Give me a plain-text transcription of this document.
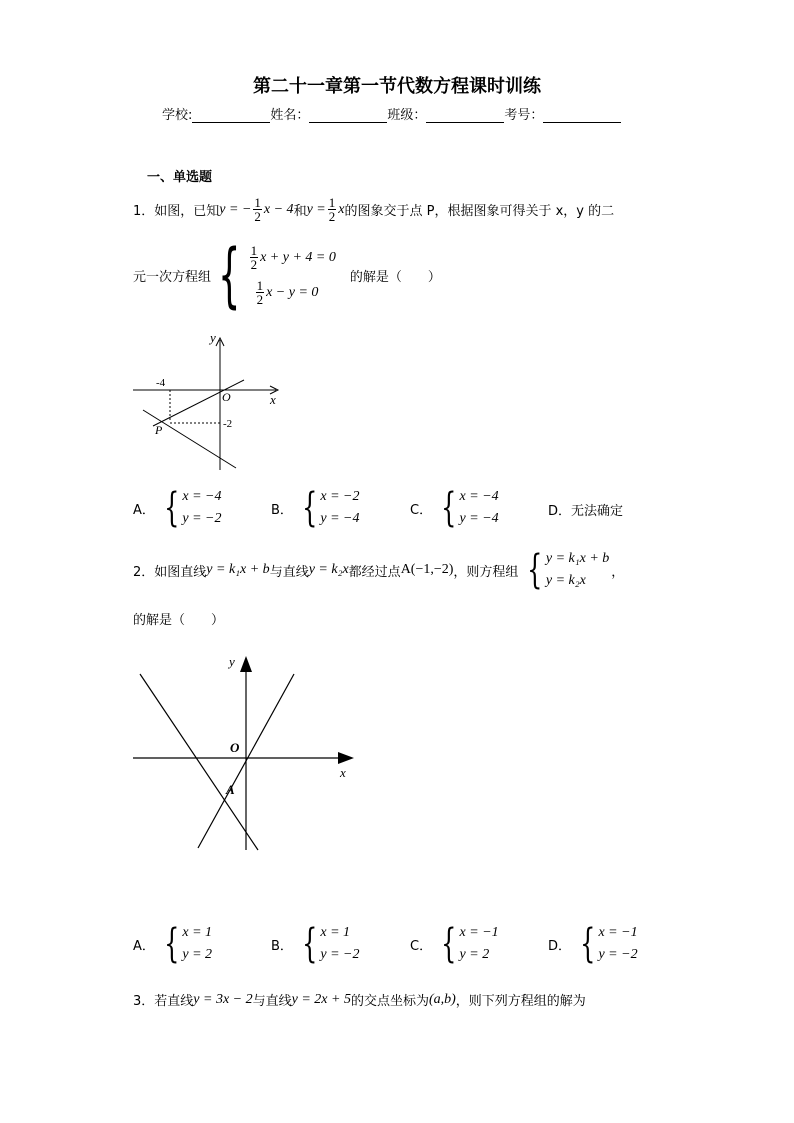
第二十一章第一节代数方程课时训练
学校:	姓名：	班级：	考号：
一、单选题
1．如图，已知 y = − $\frac{1}{2}$ x − 4 和 $y = \frac{1}{2}$ x 的图象交于点 P，根据图象可得关于 x，y 的二
元一次方程组 { $\frac{1}{2}$ x + y + 4 = 0
$\frac{1}{2}$ x − y = 0
的解是（　　）
y
x
O
P
-4
-2
A． { x = −4
y = −2
B． { x = −2
y = −4
C． { x = −4
y = −4	D． 无法确定
2．如图直线 y = k₁x + b 与直线 y = k₂x 都经过点 A(−1,−2) ，则方程组 { y = k₁x + b
y = k₂x
，
的解是（　　）
y
x
O
A
A． { x = 1
y = 2
B． { x = 1
y = −2
C． { x = −1
y = 2
D． { x = −1
y = −2
3．若直线 y = 3x − 2 与直线 y = 2x + 5 的交点坐标为 (a,b) ，则下列方程组的解为
